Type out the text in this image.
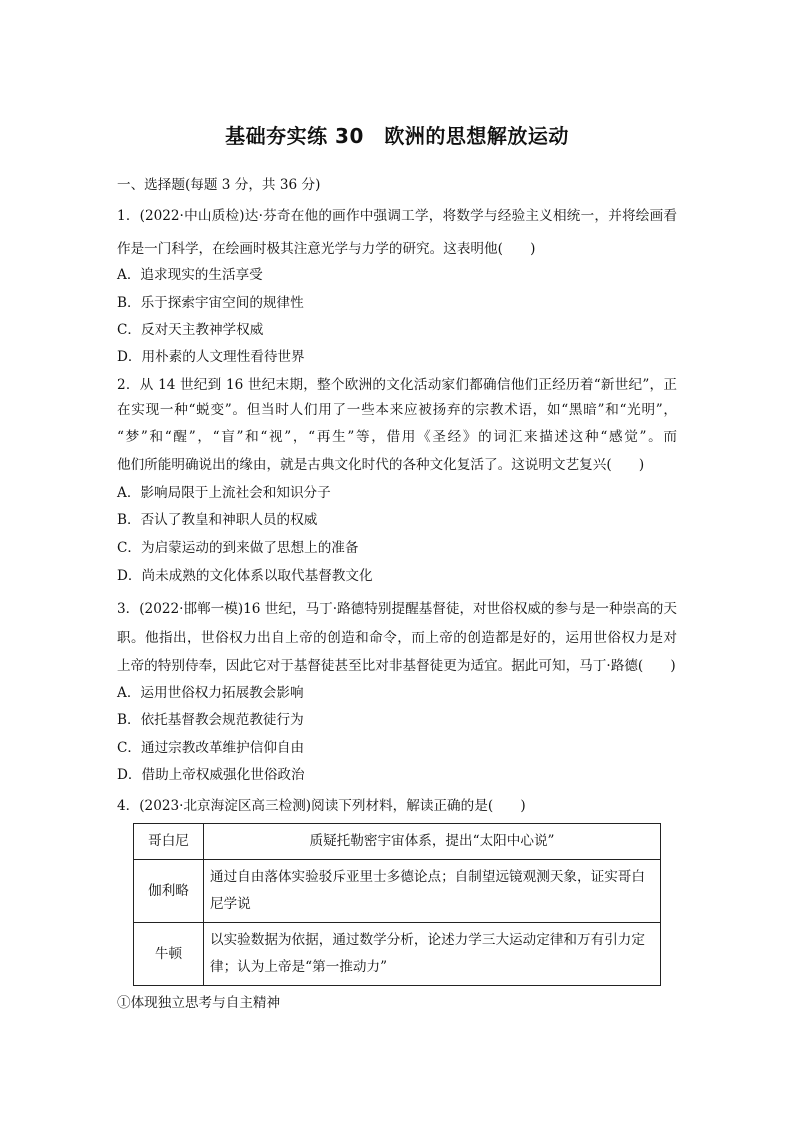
基础夯实练 30　欧洲的思想解放运动
一、选择题(每题 3 分，共 36 分)
1．(2022·中山质检)达·芬奇在他的画作中强调工学，将数学与经验主义相统一，并将绘画看
作是一门科学，在绘画时极其注意光学与力学的研究。这表明他(　　)
A．追求现实的生活享受
B．乐于探索宇宙空间的规律性
C．反对天主教神学权威
D．用朴素的人文理性看待世界
2．从 14 世纪到 16 世纪末期，整个欧洲的文化活动家们都确信他们正经历着“新世纪”，正
在实现一种“蜕变”。但当时人们用了一些本来应被扬弃的宗教术语，如“黑暗”和“光明”，
“梦”和“醒”，“盲”和“视”，“再生”等，借用《圣经》的词汇来描述这种“感觉”。而
他们所能明确说出的缘由，就是古典文化时代的各种文化复活了。这说明文艺复兴(　　)
A．影响局限于上流社会和知识分子
B．否认了教皇和神职人员的权威
C．为启蒙运动的到来做了思想上的准备
D．尚未成熟的文化体系以取代基督教文化
3．(2022·邯郸一模)16 世纪，马丁·路德特别提醒基督徒，对世俗权威的参与是一种崇高的天
职。他指出，世俗权力出自上帝的创造和命令，而上帝的创造都是好的，运用世俗权力是对
上帝的特别侍奉，因此它对于基督徒甚至比对非基督徒更为适宜。据此可知，马丁·路德(　　)
A．运用世俗权力拓展教会影响
B．依托基督教会规范教徒行为
C．通过宗教改革维护信仰自由
D．借助上帝权威强化世俗政治
4．(2023·北京海淀区高三检测)阅读下列材料，解读正确的是(　　)
哥白尼	质疑托勒密宇宙体系，提出“太阳中心说”
伽利略	通过自由落体实验驳斥亚里士多德论点；自制望远镜观测天象，证实哥白尼学说
牛顿	以实验数据为依据，通过数学分析，论述力学三大运动定律和万有引力定律；认为上帝是“第一推动力”
①体现独立思考与自主精神
